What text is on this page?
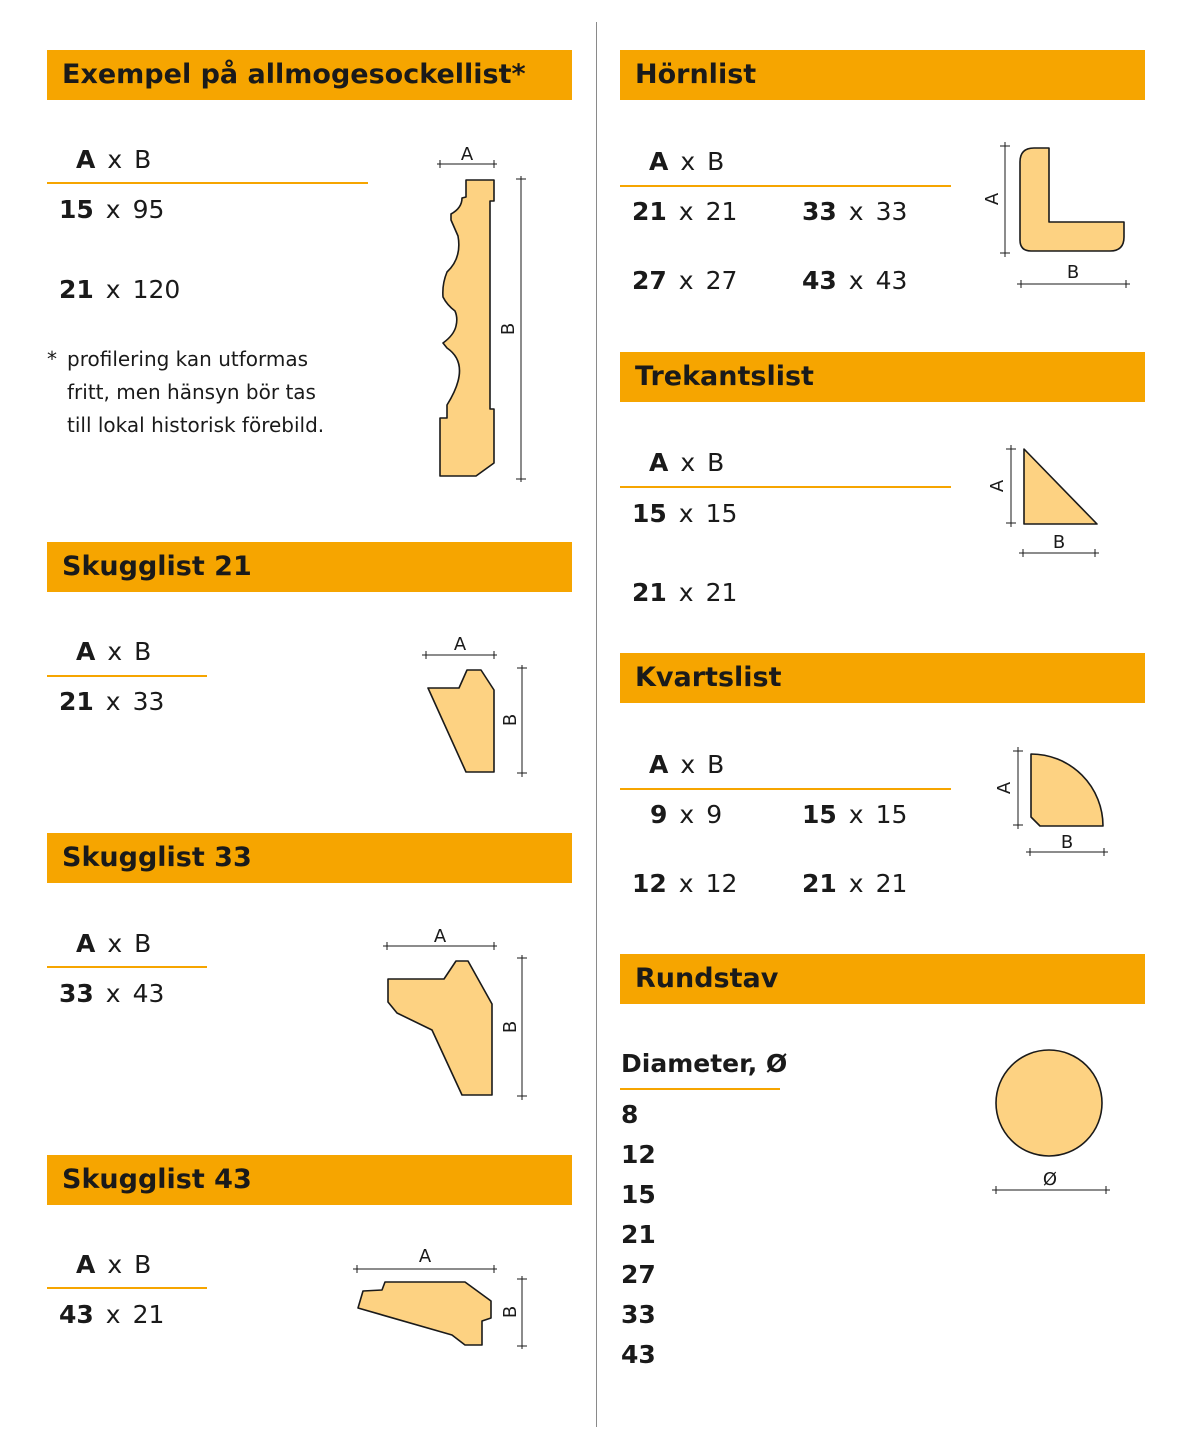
Exempel på allmogesockellist*
A x B
15 x 95
21 x 120
* profilering kan utformas
fritt, men hänsyn bör tas
till lokal historisk förebild.
A
B
Skugglist 21
A x B
21 x 33
A
B
Skugglist 33
A x B
33 x 43
A
B
Skugglist 43
A x B
43 x 21
A
B
Hörnlist
A x B
21 x 21	33 x 33
27 x 27	43 x 43
A
B
Trekantslist
A x B
15 x 15
21 x 21
A
B
Kvartslist
A x B
9 x 9	15 x 15
12 x 12	21 x 21
A
B
Rundstav
Diameter, Ø
8
12
15
21
27
33
43
Ø
